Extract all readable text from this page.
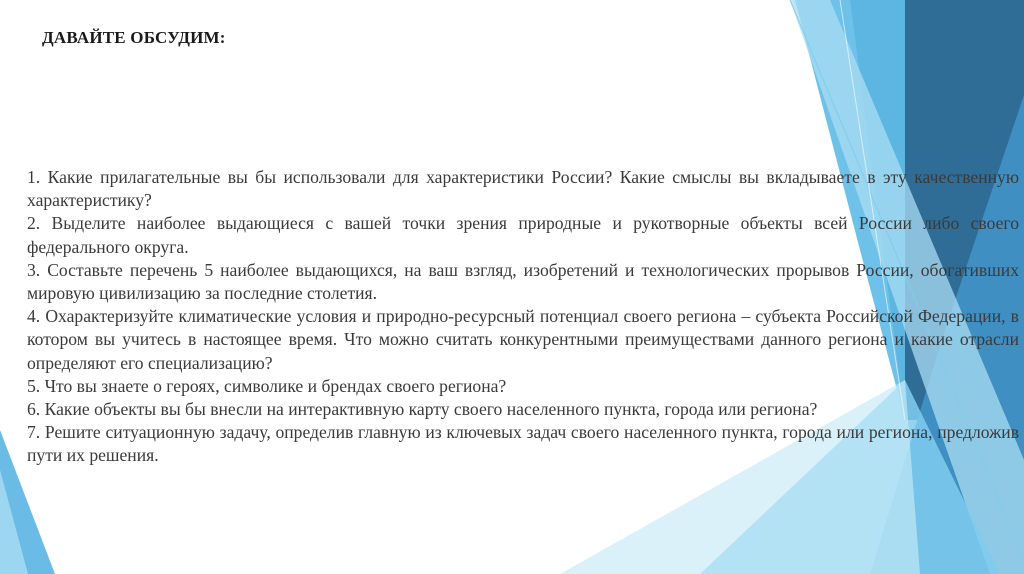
ДАВАЙТЕ ОБСУДИМ:

1. Какие прилагательные вы бы использовали для характеристики России? Какие смыслы вы вкладываете в эту качественную характеристику?

2. Выделите наиболее выдающиеся с вашей точки зрения природные и рукотворные объекты всей России либо своего федерального округа.

3. Составьте перечень 5 наиболее выдающихся, на ваш взгляд, изобретений и технологических прорывов России, обогативших мировую цивилизацию за последние столетия.

4. Охарактеризуйте климатические условия и природно-ресурсный потенциал своего региона – субъекта Российской Федерации, в котором вы учитесь в настоящее время. Что можно считать конкурентными преимуществами данного региона и какие отрасли определяют его специализацию?

5. Что вы знаете о героях, символике и брендах своего региона?

6. Какие объекты вы бы внесли на интерактивную карту своего населенного пункта, города или региона?

7. Решите ситуационную задачу, определив главную из ключевых задач своего населенного пункта, города или региона, предложив пути их решения.
